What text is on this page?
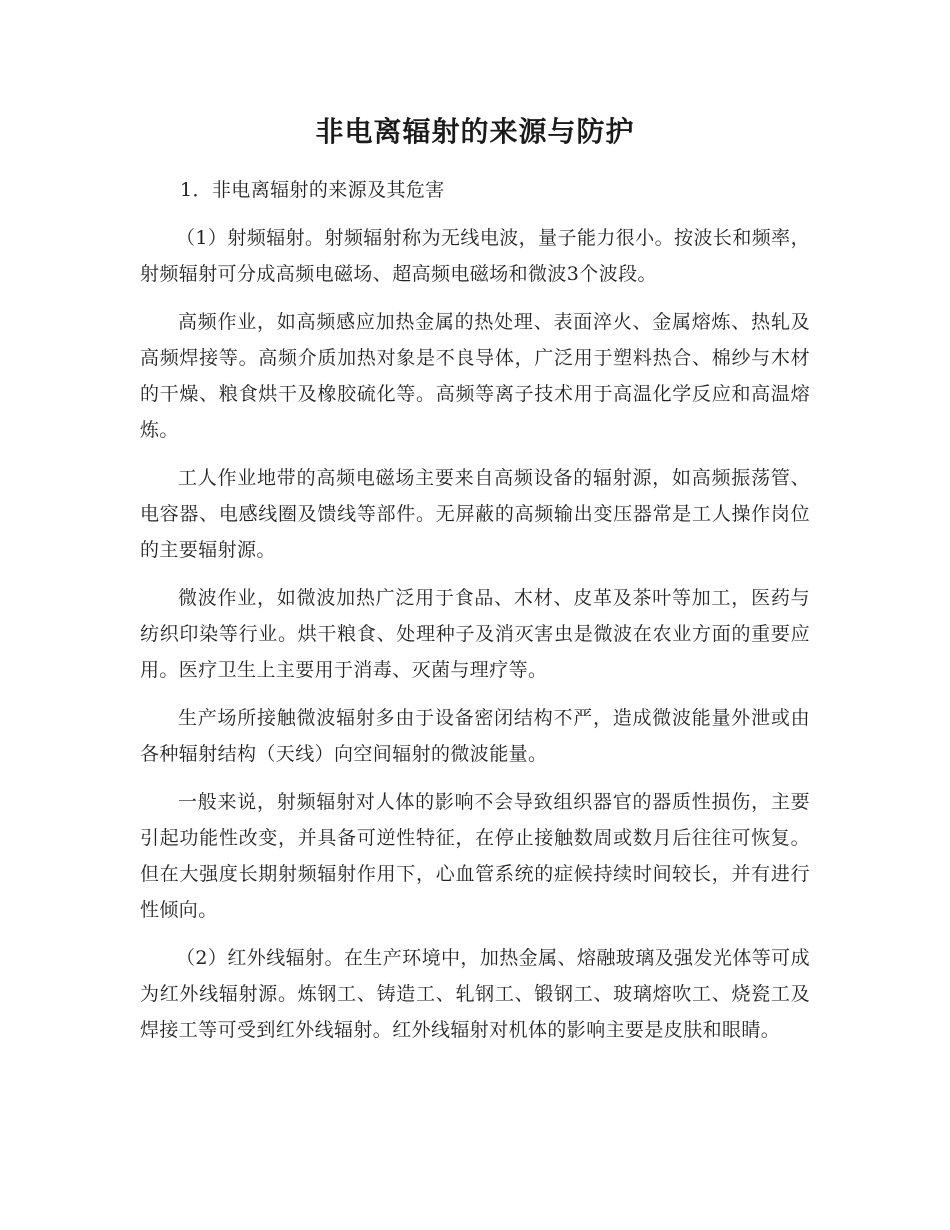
非电离辐射的来源与防护

1．非电离辐射的来源及其危害

（1）射频辐射。射频辐射称为无线电波，量子能力很小。按波长和频率，射频辐射可分成高频电磁场、超高频电磁场和微波3个波段。

高频作业，如高频感应加热金属的热处理、表面淬火、金属熔炼、热轧及高频焊接等。高频介质加热对象是不良导体，广泛用于塑料热合、棉纱与木材的干燥、粮食烘干及橡胶硫化等。高频等离子技术用于高温化学反应和高温熔炼。

工人作业地带的高频电磁场主要来自高频设备的辐射源，如高频振荡管、电容器、电感线圈及馈线等部件。无屏蔽的高频输出变压器常是工人操作岗位的主要辐射源。

微波作业，如微波加热广泛用于食品、木材、皮革及茶叶等加工，医药与纺织印染等行业。烘干粮食、处理种子及消灭害虫是微波在农业方面的重要应用。医疗卫生上主要用于消毒、灭菌与理疗等。

生产场所接触微波辐射多由于设备密闭结构不严，造成微波能量外泄或由各种辐射结构（天线）向空间辐射的微波能量。

一般来说，射频辐射对人体的影响不会导致组织器官的器质性损伤，主要引起功能性改变，并具备可逆性特征，在停止接触数周或数月后往往可恢复。但在大强度长期射频辐射作用下，心血管系统的症候持续时间较长，并有进行性倾向。

（2）红外线辐射。在生产环境中，加热金属、熔融玻璃及强发光体等可成为红外线辐射源。炼钢工、铸造工、轧钢工、锻钢工、玻璃熔吹工、烧瓷工及焊接工等可受到红外线辐射。红外线辐射对机体的影响主要是皮肤和眼睛。
